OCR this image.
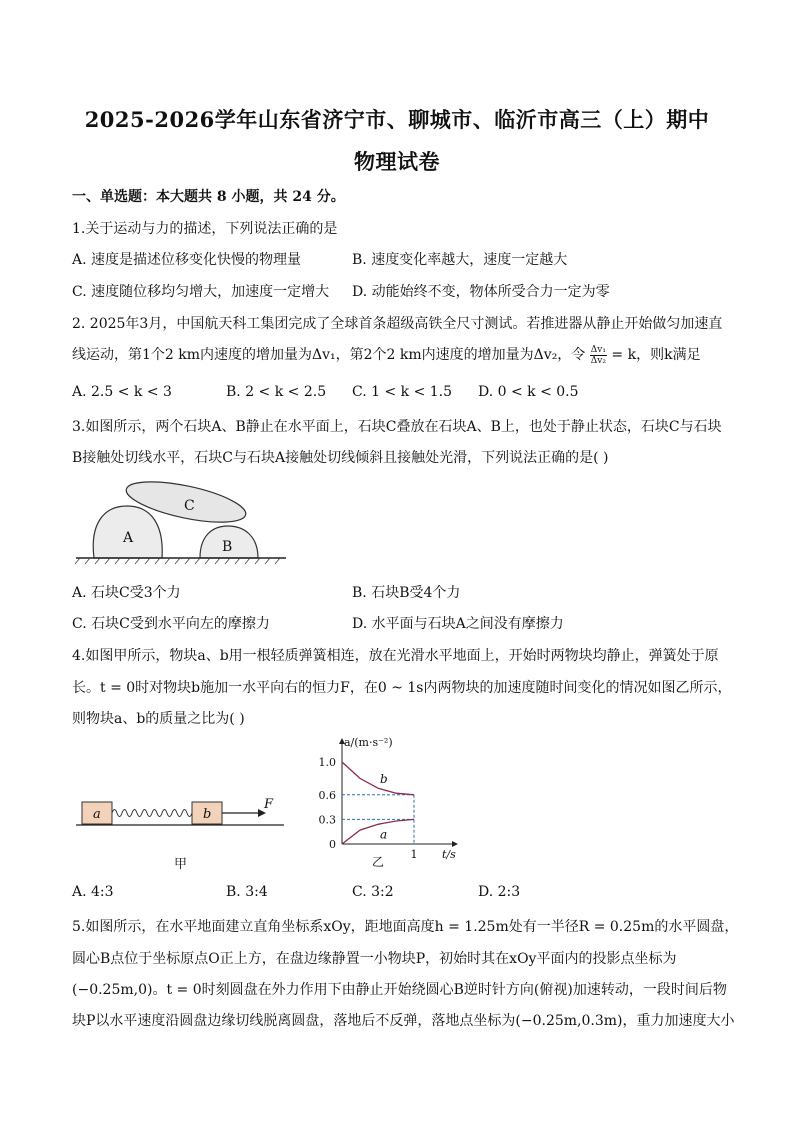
2025-2026学年山东省济宁市、聊城市、临沂市高三（上）期中
物理试卷
一、单选题：本大题共 8 小题，共 24 分。
1.关于运动与力的描述，下列说法正确的是
A. 速度是描述位移变化快慢的物理量	B. 速度变化率越大，速度一定越大
C. 速度随位移均匀增大，加速度一定增大 D. 动能始终不变，物体所受合力一定为零
2. 2025年3月，中国航天科工集团完成了全球首条超级高铁全尺寸测试。若推进器从静止开始做匀加速直
线运动，第1个2 km内速度的增加量为Δv₁，第2个2 km内速度的增加量为Δv₂，令 $\frac{\text{Δv₁}}{\text{Δv₂}} = k$，则k满足
A. 2.5 < k < 3	B. 2 < k < 2.5 C. 1 < k < 1.5 D. 0 < k < 0.5
3.如图所示，两个石块A、B静止在水平面上，石块C叠放在石块A、B上，也处于静止状态，石块C与石块
B接触处切线水平，石块C与石块A接触处切线倾斜且接触处光滑，下列说法正确的是( )
A
B
C
A. 石块C受3个力	B. 石块B受4个力
C. 石块C受到水平向左的摩擦力	D. 水平面与石块A之间没有摩擦力
4.如图甲所示，物块a、b用一根轻质弹簧相连，放在光滑水平地面上，开始时两物块均静止，弹簧处于原
长。t = 0时对物块b施加一水平向右的恒力F，在0 ~ 1s内两物块的加速度随时间变化的情况如图乙所示，
则物块a、b的质量之比为( )
a	b
F
甲
a/(m·s⁻²)
t/s
乙
0
0.3
0.6
1.0
1
b
a
A. 4:3	B. 3:4	C. 3:2	D. 2:3
5.如图所示，在水平地面建立直角坐标系xOy，距地面高度h = 1.25m处有一半径R = 0.25m的水平圆盘，
圆心B点位于坐标原点O正上方，在盘边缘静置一小物块P，初始时其在xOy平面内的投影点坐标为
(−0.25m,0)。t = 0时刻圆盘在外力作用下由静止开始绕圆心B逆时针方向(俯视)加速转动，一段时间后物
块P以水平速度沿圆盘边缘切线脱离圆盘，落地后不反弹，落地点坐标为(−0.25m,0.3m)，重力加速度大小
